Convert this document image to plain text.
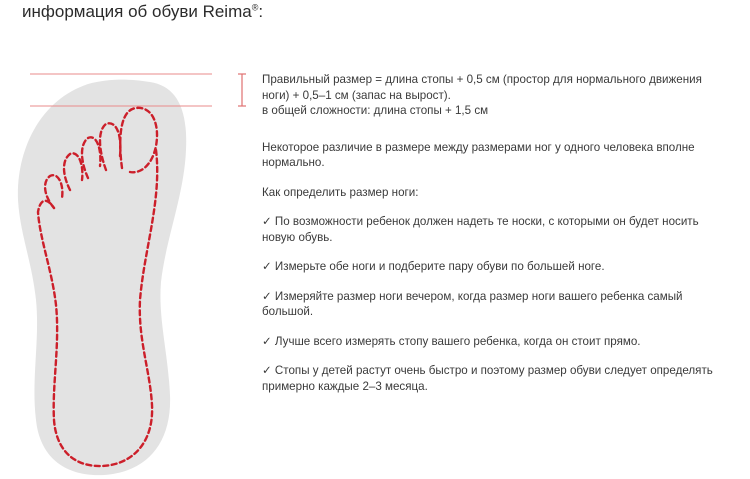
информация об обуви Reima®:

Правильный размер = длина стопы + 0,5 см (простор для нормального движения

ноги) + 0,5–1 см (запас на вырост).

в общей сложности: длина стопы + 1,5 см

Некоторое различие в размере между размерами ног у одного человека вполне

нормально.

Как определить размер ноги:

✓ По возможности ребенок должен надеть те носки, с которыми он будет носить

новую обувь.

✓ Измерьте обе ноги и подберите пару обуви по большей ноге.

✓ Измеряйте размер ноги вечером, когда размер ноги вашего ребенка самый

большой.

✓ Лучше всего измерять стопу вашего ребенка, когда он стоит прямо.

✓ Стопы у детей растут очень быстро и поэтому размер обуви следует определять

примерно каждые 2–3 месяца.
